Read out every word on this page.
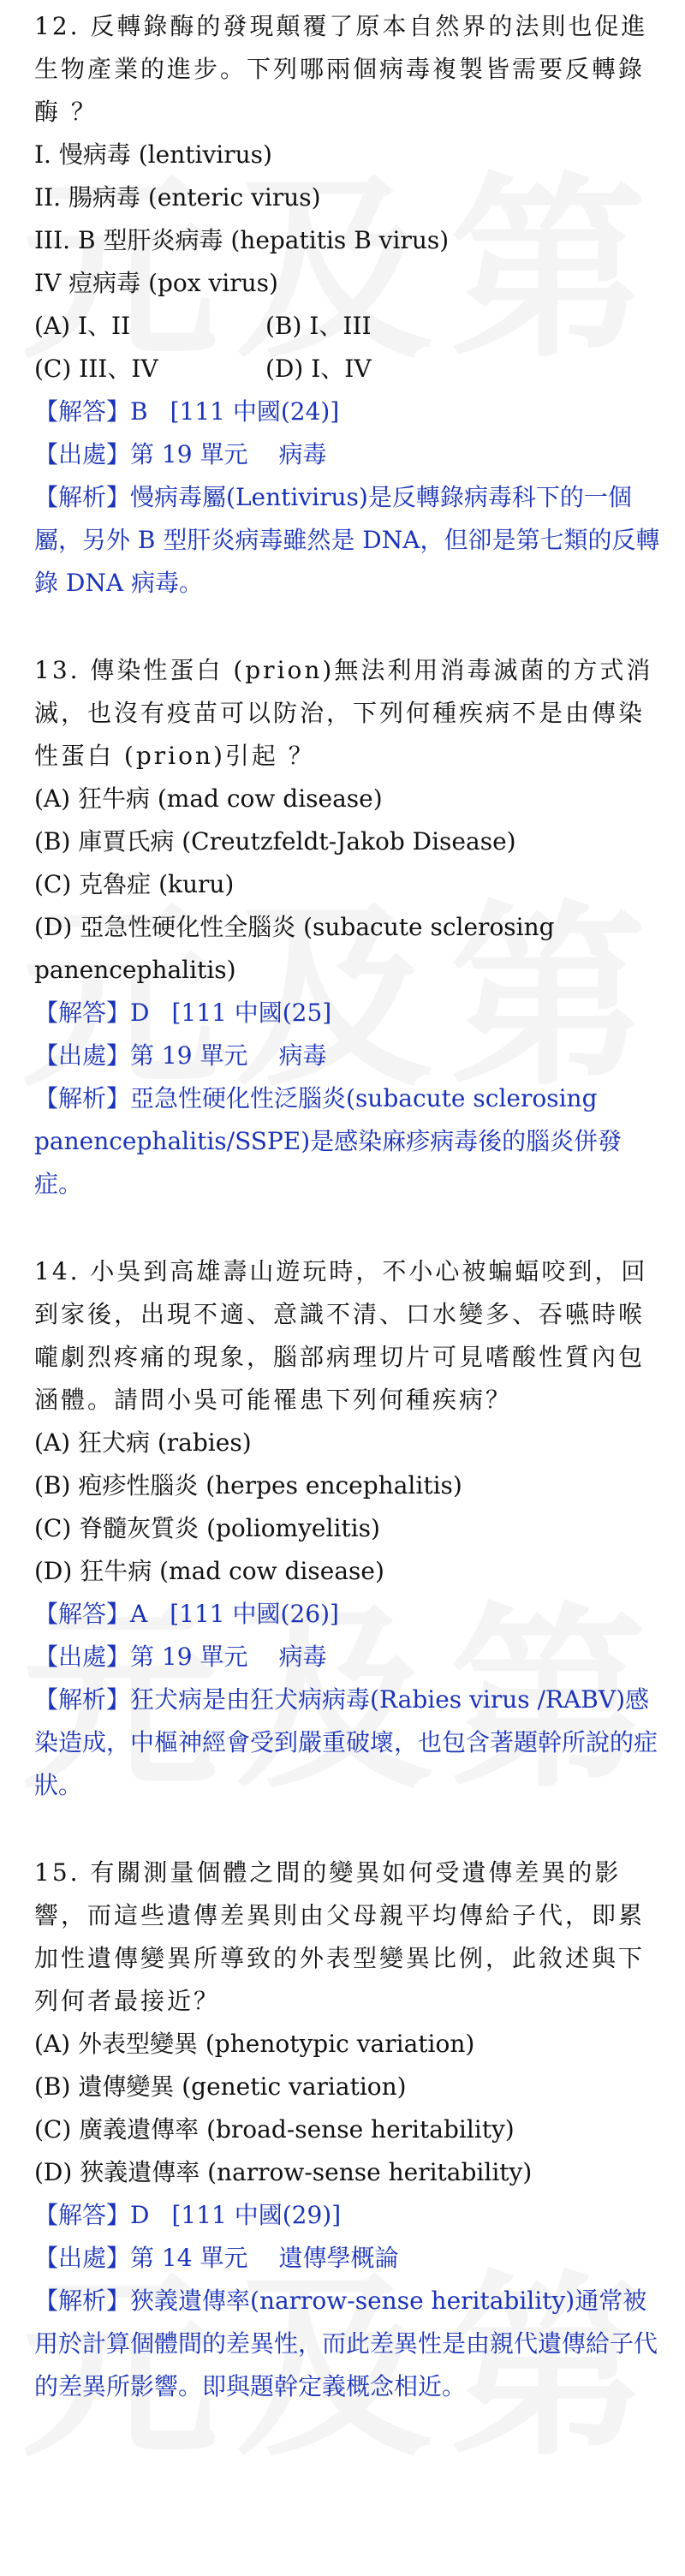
12. 反轉錄酶的發現顛覆了原本自然界的法則也促進生物產業的進步。下列哪兩個病毒複製皆需要反轉錄酶 ？
I. 慢病毒 (lentivirus)
II. 腸病毒 (enteric virus)
III. B 型肝炎病毒 (hepatitis B virus)
IV 痘病毒 (pox virus)
(A) I、II	(B) I、III
(C) III、IV	(D) I、IV
【解答】B [111 中國(24)]
【出處】第 19 單元 病毒
【解析】慢病毒屬(Lentivirus)是反轉錄病毒科下的一個屬，另外 B 型肝炎病毒雖然是 DNA，但卻是第七類的反轉錄 DNA 病毒。
13. 傳染性蛋白 (prion)無法利用消毒滅菌的方式消滅，也沒有疫苗可以防治，下列何種疾病不是由傳染性蛋白 (prion)引起 ？
(A) 狂牛病 (mad cow disease)
(B) 庫賈氏病 (Creutzfeldt-Jakob Disease)
(C) 克魯症 (kuru)
(D) 亞急性硬化性全腦炎 (subacute sclerosing
panencephalitis)
【解答】D [111 中國(25]
【出處】第 19 單元 病毒
【解析】亞急性硬化性泛腦炎(subacute sclerosing panencephalitis/SSPE)是感染麻疹病毒後的腦炎併發症。
14. 小吳到高雄壽山遊玩時，不小心被蝙蝠咬到，回到家後，出現不適、意識不清、口水變多、吞嚥時喉嚨劇烈疼痛的現象，腦部病理切片可見嗜酸性質內包涵體。請問小吳可能罹患下列何種疾病？
(A) 狂犬病 (rabies)
(B) 疱疹性腦炎 (herpes encephalitis)
(C) 脊髓灰質炎 (poliomyelitis)
(D) 狂牛病 (mad cow disease)
【解答】A [111 中國(26)]
【出處】第 19 單元 病毒
【解析】狂犬病是由狂犬病病毒(Rabies virus /RABV)感染造成，中樞神經會受到嚴重破壞，也包含著題幹所說的症狀。
15. 有關測量個體之間的變異如何受遺傳差異的影響，而這些遺傳差異則由父母親平均傳給子代，即累加性遺傳變異所導致的外表型變異比例，此敘述與下列何者最接近？
(A) 外表型變異 (phenotypic variation)
(B) 遺傳變異 (genetic variation)
(C) 廣義遺傳率 (broad-sense heritability)
(D) 狹義遺傳率 (narrow-sense heritability)
【解答】D [111 中國(29)]
【出處】第 14 單元 遺傳學概論
【解析】狹義遺傳率(narrow-sense heritability)通常被用於計算個體間的差異性，而此差異性是由親代遺傳給子代的差異所影響。即與題幹定義概念相近。
